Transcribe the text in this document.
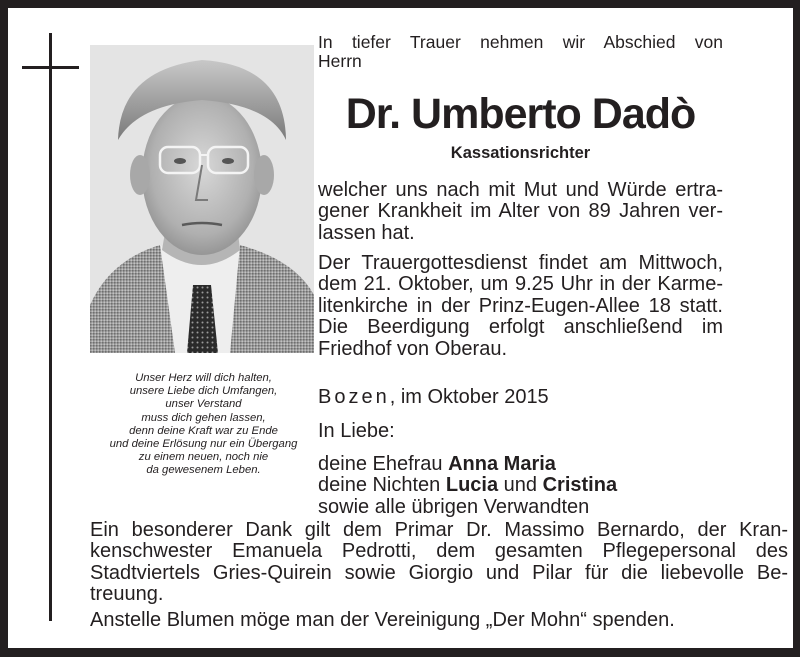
Unser Herz will dich halten,
unsere Liebe dich Umfangen,
unser Verstand
muss dich gehen lassen,
denn deine Kraft war zu Ende
und deine Erlösung nur ein Übergang
zu einem neuen, noch nie
da gewesenem Leben.
In tiefer Trauer nehmen wir Abschied von
Herrn
Dr. Umberto Dadò
Kassationsrichter
welcher uns nach mit Mut und Würde ertra-
gener Krankheit im Alter von 89 Jahren ver-
lassen hat.
Der Trauergottesdienst findet am Mittwoch,
dem 21. Oktober, um 9.25 Uhr in der Karme-
litenkirche in der Prinz-Eugen-Allee 18 statt.
Die Beerdigung erfolgt anschließend im
Friedhof von Oberau.
Bozen, im Oktober 2015
In Liebe:
deine Ehefrau Anna Maria
deine Nichten Lucia und Cristina
sowie alle übrigen Verwandten
Ein besonderer Dank gilt dem Primar Dr. Massimo Bernardo, der Kran-
kenschwester Emanuela Pedrotti, dem gesamten Pflegepersonal des
Stadtviertels Gries-Quirein sowie Giorgio und Pilar für die liebevolle Be-
treuung.
Anstelle Blumen möge man der Vereinigung „Der Mohn“ spenden.
